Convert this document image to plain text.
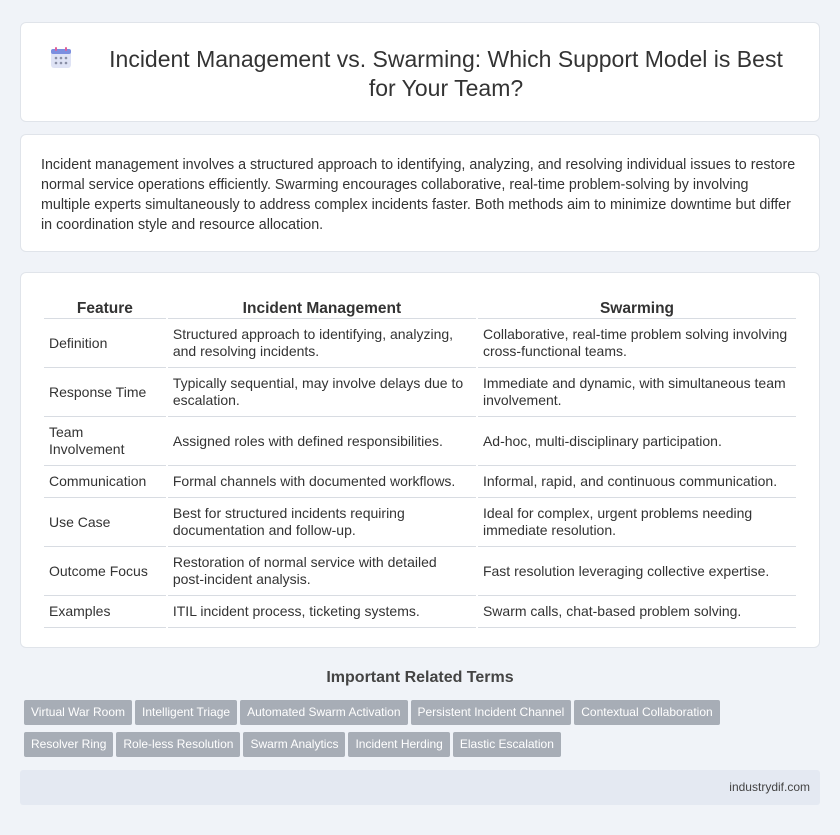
Incident Management vs. Swarming: Which Support Model is Best for Your Team?

Incident management involves a structured approach to identifying, analyzing, and resolving individual issues to restore normal service operations efficiently. Swarming encourages collaborative, real-time problem-solving by involving multiple experts simultaneously to address complex incidents faster. Both methods aim to minimize downtime but differ in coordination style and resource allocation.

Feature	Incident Management	Swarming
Definition	Structured approach to identifying, analyzing, and resolving incidents.	Collaborative, real-time problem solving involving cross-functional teams.
Response Time	Typically sequential, may involve delays due to escalation.	Immediate and dynamic, with simultaneous team involvement.
Team Involvement	Assigned roles with defined responsibilities.	Ad-hoc, multi-disciplinary participation.
Communication	Formal channels with documented workflows.	Informal, rapid, and continuous communication.
Use Case	Best for structured incidents requiring documentation and follow-up.	Ideal for complex, urgent problems needing immediate resolution.
Outcome Focus	Restoration of normal service with detailed post-incident analysis.	Fast resolution leveraging collective expertise.
Examples	ITIL incident process, ticketing systems.	Swarm calls, chat-based problem solving.
Important Related Terms
Virtual War Room Intelligent Triage Automated Swarm Activation Persistent Incident Channel Contextual Collaboration
Resolver Ring Role-less Resolution Swarm Analytics Incident Herding Elastic Escalation
industrydif.com
